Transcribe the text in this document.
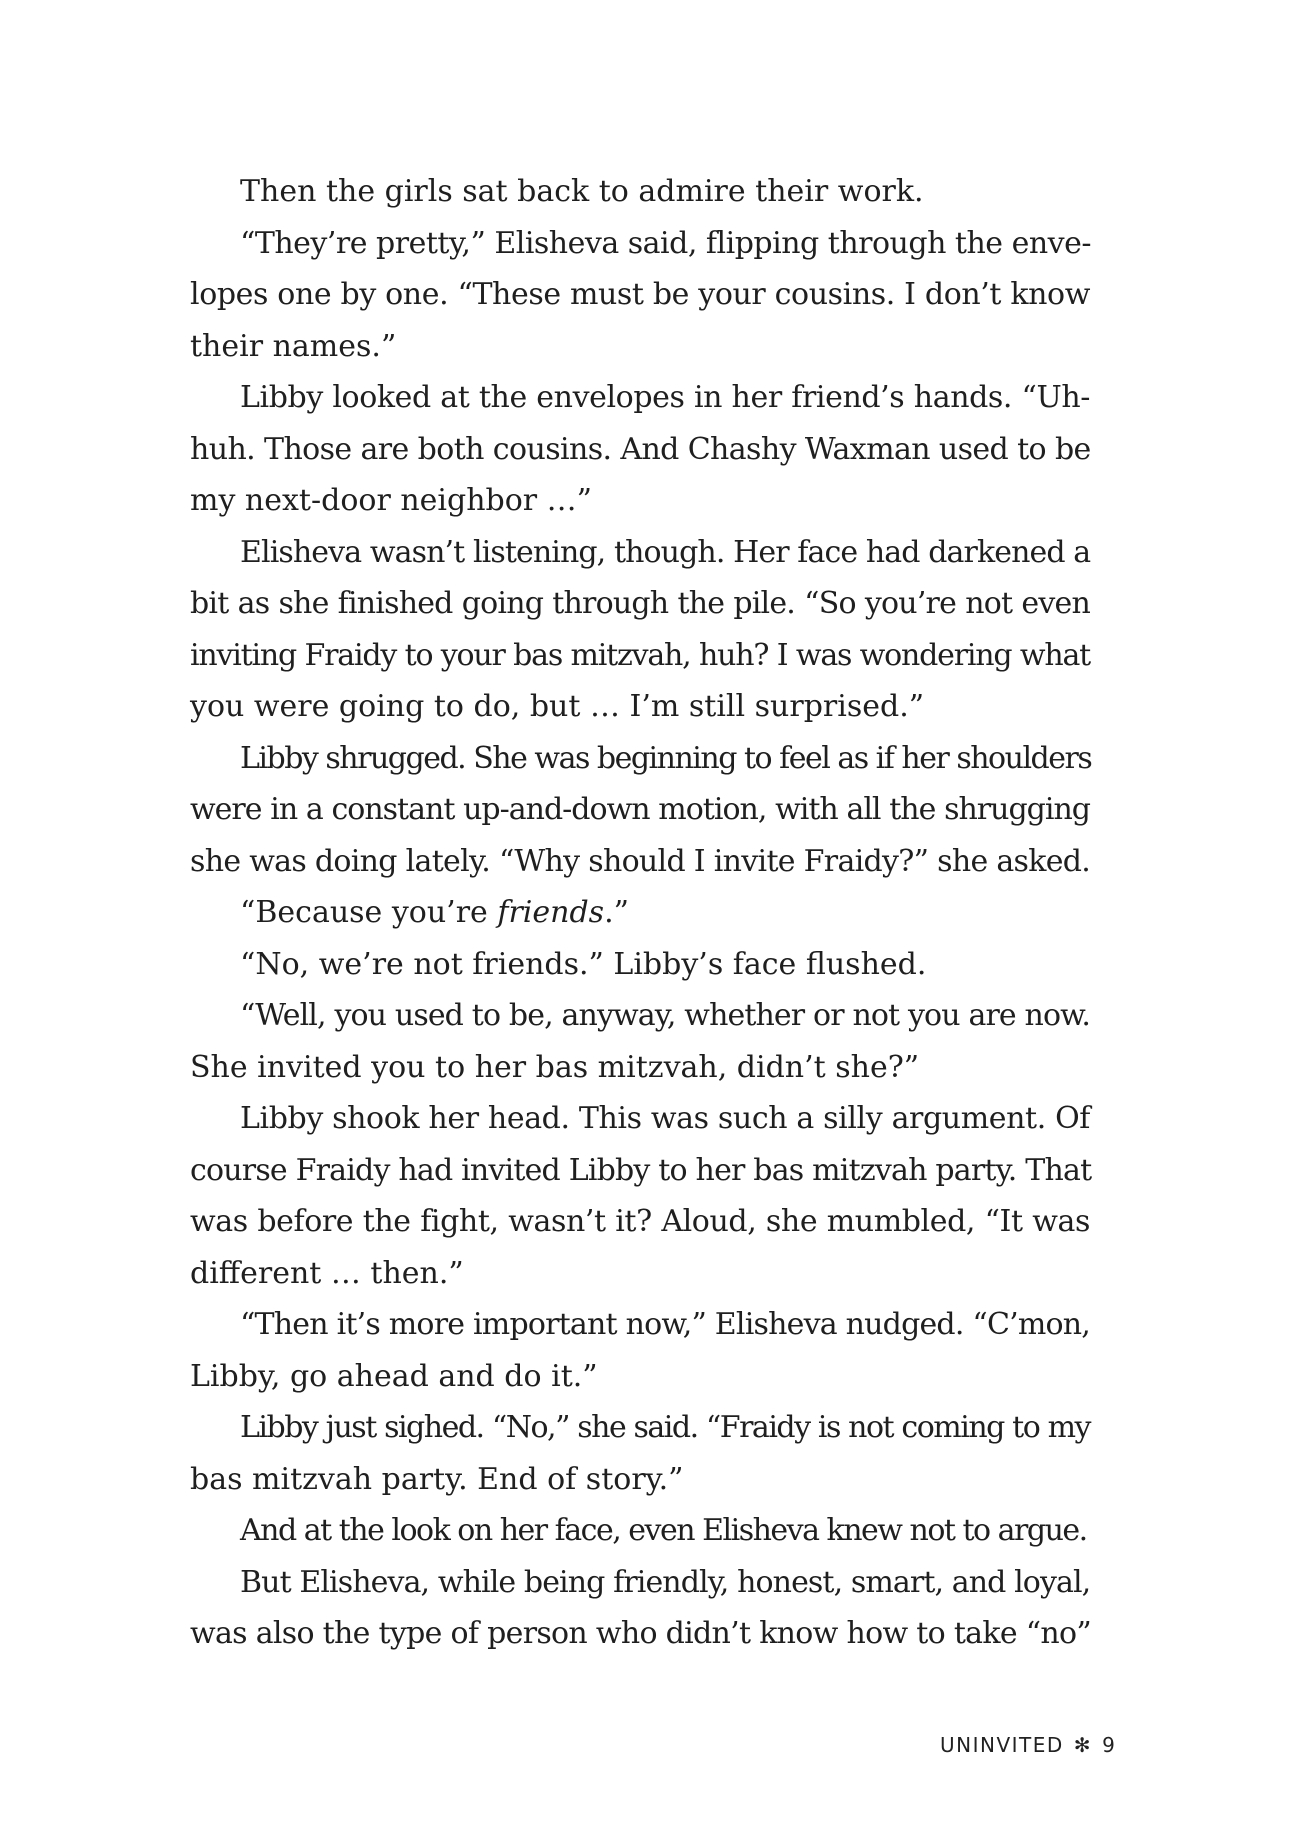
Then the girls sat back to admire their work.
“They’re pretty,” Elisheva said, flipping through the enve-
lopes one by one. “These must be your cousins. I don’t know
their names.”
Libby looked at the envelopes in her friend’s hands. “Uh-
huh. Those are both cousins. And Chashy Waxman used to be
my next-door neighbor …”
Elisheva wasn’t listening, though. Her face had darkened a
bit as she finished going through the pile. “So you’re not even
inviting Fraidy to your bas mitzvah, huh? I was wondering what
you were going to do, but … I’m still surprised.”
Libby shrugged. She was beginning to feel as if her shoulders
were in a constant up-and-down motion, with all the shrugging
she was doing lately. “Why should I invite Fraidy?” she asked.
“Because you’re friends.”
“No, we’re not friends.” Libby’s face flushed.
“Well, you used to be, anyway, whether or not you are now.
She invited you to her bas mitzvah, didn’t she?”
Libby shook her head. This was such a silly argument. Of
course Fraidy had invited Libby to her bas mitzvah party. That
was before the fight, wasn’t it? Aloud, she mumbled, “It was
different … then.”
“Then it’s more important now,” Elisheva nudged. “C’mon,
Libby, go ahead and do it.”
Libby just sighed. “No,” she said. “Fraidy is not coming to my
bas mitzvah party. End of story.”
And at the look on her face, even Elisheva knew not to argue.
But Elisheva, while being friendly, honest, smart, and loyal,
was also the type of person who didn’t know how to take “no”
UNINVITED ✻ 9
